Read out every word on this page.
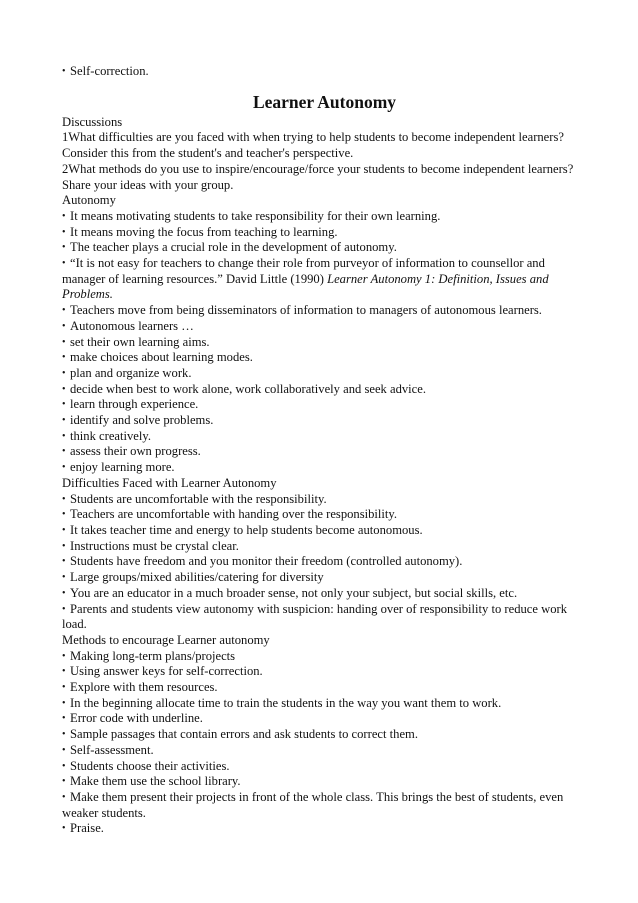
• Self-correction.
Learner Autonomy
Discussions
1What difficulties are you faced with when trying to help students to become independent learners? Consider this from the student's and teacher's perspective.
2What methods do you use to inspire/encourage/force your students to become independent learners? Share your ideas with your group.
Autonomy
• It means motivating students to take responsibility for their own learning.
• It means moving the focus from teaching to learning.
• The teacher plays a crucial role in the development of autonomy.
• “It is not easy for teachers to change their role from purveyor of information to counsellor and manager of learning resources.” David Little (1990) Learner Autonomy 1: Definition, Issues and Problems.
• Teachers move from being disseminators of information to managers of autonomous learners.
• Autonomous learners …
• set their own learning aims.
• make choices about learning modes.
• plan and organize work.
• decide when best to work alone, work collaboratively and seek advice.
• learn through experience.
• identify and solve problems.
• think creatively.
• assess their own progress.
• enjoy learning more.
Difficulties Faced with Learner Autonomy
• Students are uncomfortable with the responsibility.
• Teachers are uncomfortable with handing over the responsibility.
• It takes teacher time and energy to help students become autonomous.
• Instructions must be crystal clear.
• Students have freedom and you monitor their freedom (controlled autonomy).
• Large groups/mixed abilities/catering for diversity
• You are an educator in a much broader sense, not only your subject, but social skills, etc.
• Parents and students view autonomy with suspicion: handing over of responsibility to reduce work load.
Methods to encourage Learner autonomy
• Making long-term plans/projects
• Using answer keys for self-correction.
• Explore with them resources.
• In the beginning allocate time to train the students in the way you want them to work.
• Error code with underline.
• Sample passages that contain errors and ask students to correct them.
• Self-assessment.
• Students choose their activities.
• Make them use the school library.
• Make them present their projects in front of the whole class. This brings the best of students, even weaker students.
• Praise.
